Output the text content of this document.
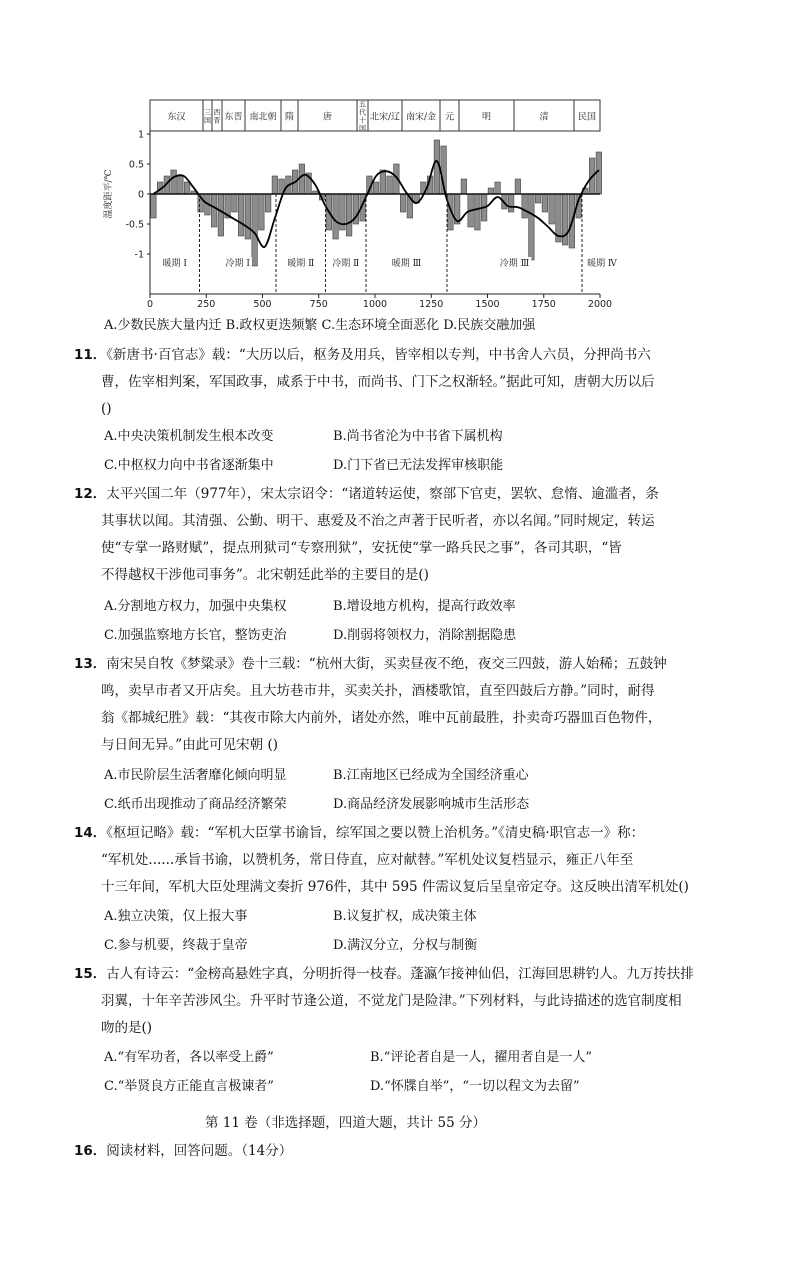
东汉	三国
西晋 东晋 南北朝 隋	唐
五代十国
北宋/辽 南宋/金 元	明	清	民国
1
0.5
0
-0.5
-1
0	250	500	750	1000	1250	1500	1750	2000
温度距平/℃
暖期 Ⅰ	冷期 Ⅰ	暖期 Ⅱ 冷期 Ⅱ	暖期 Ⅲ	冷期 Ⅲ	暖期 Ⅳ
A.少数民族大量内迁 B.政权更迭频繁 C.生态环境全面恶化 D.民族交融加强
11．《新唐书·百官志》载：“大历以后，枢务及用兵，皆宰相以专判，中书舍人六员，分押尚书六
曹，佐宰相判案，军国政事，咸系于中书，而尚书、门下之权渐轻。”据此可知，唐朝大历以后
()
A.中央决策机制发生根本改变	B.尚书省沦为中书省下属机构
C.中枢权力向中书省逐渐集中	D.门下省已无法发挥审核职能
12．太平兴国二年（977年），宋太宗诏令：“诸道转运使，察部下官吏，罢软、怠惰、逾滥者，条
其事状以闻。其清强、公勤、明干、惠爱及不治之声著于民听者，亦以名闻。”同时规定，转运
使“专掌一路财赋”，提点刑狱司“专察刑狱”，安抚使“掌一路兵民之事”，各司其职，“皆
不得越权干涉他司事务”。北宋朝廷此举的主要目的是()
A.分割地方权力，加强中央集权	B.增设地方机构，提高行政效率
C.加强监察地方长官，整饬吏治	D.削弱将领权力，消除割据隐患
13．南宋吴自牧《梦粱录》卷十三载：“杭州大街，买卖昼夜不绝，夜交三四鼓，游人始稀；五鼓钟
鸣，卖早市者又开店矣。且大坊巷市井，买卖关扑，酒楼歌馆，直至四鼓后方静。”同时，耐得
翁《都城纪胜》载：“其夜市除大内前外，诸处亦然，唯中瓦前最胜，扑卖奇巧器皿百色物件，
与日间无异。”由此可见宋朝 ()
A.市民阶层生活奢靡化倾向明显	B.江南地区已经成为全国经济重心
C.纸币出现推动了商品经济繁荣	D.商品经济发展影响城市生活形态
14．《枢垣记略》载：“军机大臣掌书谕旨，综军国之要以赞上治机务。”《清史稿·职官志一》称：
“军机处......承旨书谕，以赞机务，常日侍直，应对献替。”军机处议复档显示，雍正八年至
十三年间，军机大臣处理满文奏折 976件，其中 595 件需议复后呈皇帝定夺。这反映出清军机处()
A.独立决策，仅上报大事	B.议复扩权，成决策主体
C.参与机要，终裁于皇帝	D.满汉分立，分权与制衡
15．古人有诗云：“金榜高悬姓字真，分明折得一枝春。蓬瀛乍接神仙侣，江海回思耕钓人。九万抟扶排
羽翼，十年辛苦涉风尘。升平时节逢公道，不觉龙门是险津。”下列材料，与此诗描述的选官制度相
吻的是()
A.“有军功者，各以率受上爵”	B.“评论者自是一人，擢用者自是一人”
C.“举贤良方正能直言极谏者”	D.“怀牒自举”，“一切以程文为去留”
第 11 卷（非选择题，四道大题，共计 55 分）
16．阅读材料，回答问题。（14分）
